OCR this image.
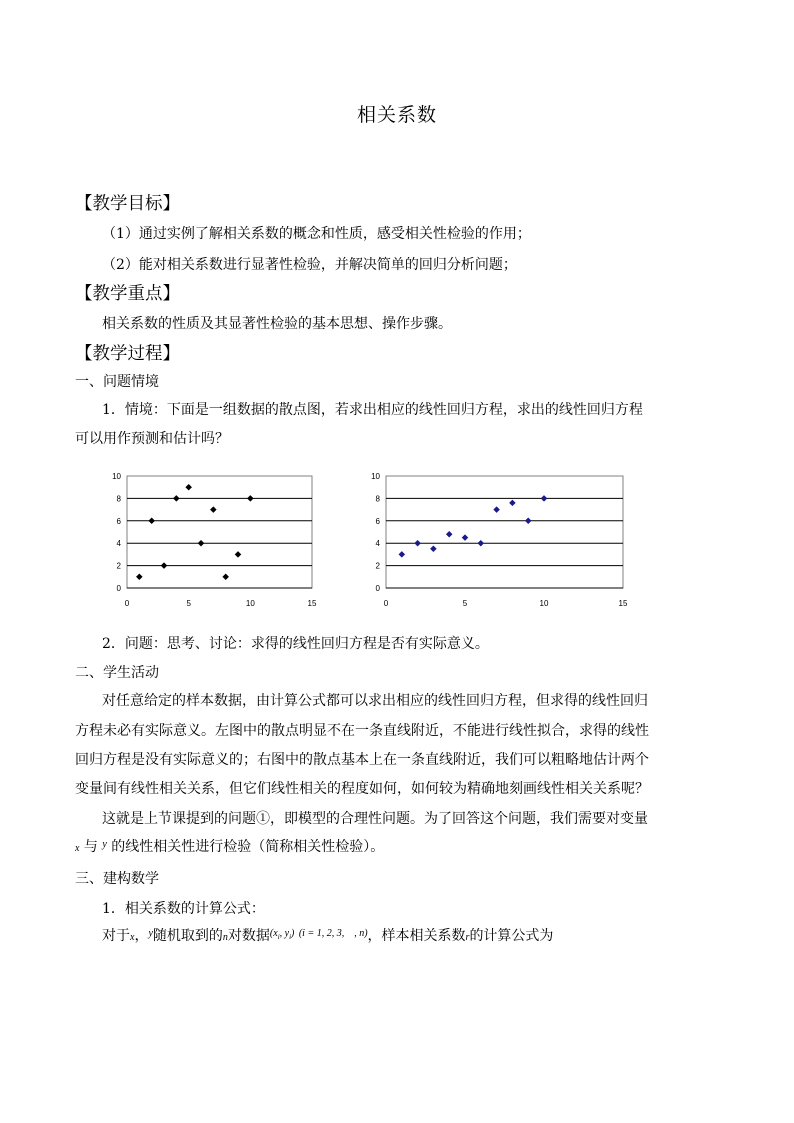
相关系数
【教学目标】
（1）通过实例了解相关系数的概念和性质，感受相关性检验的作用；
（2）能对相关系数进行显著性检验，并解决简单的回归分析问题；
【教学重点】
相关系数的性质及其显著性检验的基本思想、操作步骤。
【教学过程】
一、问题情境
1．情境：下面是一组数据的散点图，若求出相应的线性回归方程，求出的线性回归方程
可以用作预测和估计吗？
0
2
4
6
8
10
0	5	10	15
0
2
4
6
8
10
0	5	10	15
2．问题：思考、讨论：求得的线性回归方程是否有实际意义。
二、学生活动
对任意给定的样本数据，由计算公式都可以求出相应的线性回归方程，但求得的线性回归
方程未必有实际意义。左图中的散点明显不在一条直线附近，不能进行线性拟合，求得的线性
回归方程是没有实际意义的；右图中的散点基本上在一条直线附近，我们可以粗略地估计两个
变量间有线性相关关系，但它们线性相关的程度如何，如何较为精确地刻画线性相关关系呢？
这就是上节课提到的问题①，即模型的合理性问题。为了回答这个问题，我们需要对变量
x 与 $^y$ 的线性相关性进行检验（简称相关性检验）。
三、建构数学
1．相关系数的计算公式：
对于x，$^y$随机取到的n对数据$^{(x_i, y_i)}$ $^{(i = 1, 2, 3, , n)}$，样本相关系数r的计算公式为
